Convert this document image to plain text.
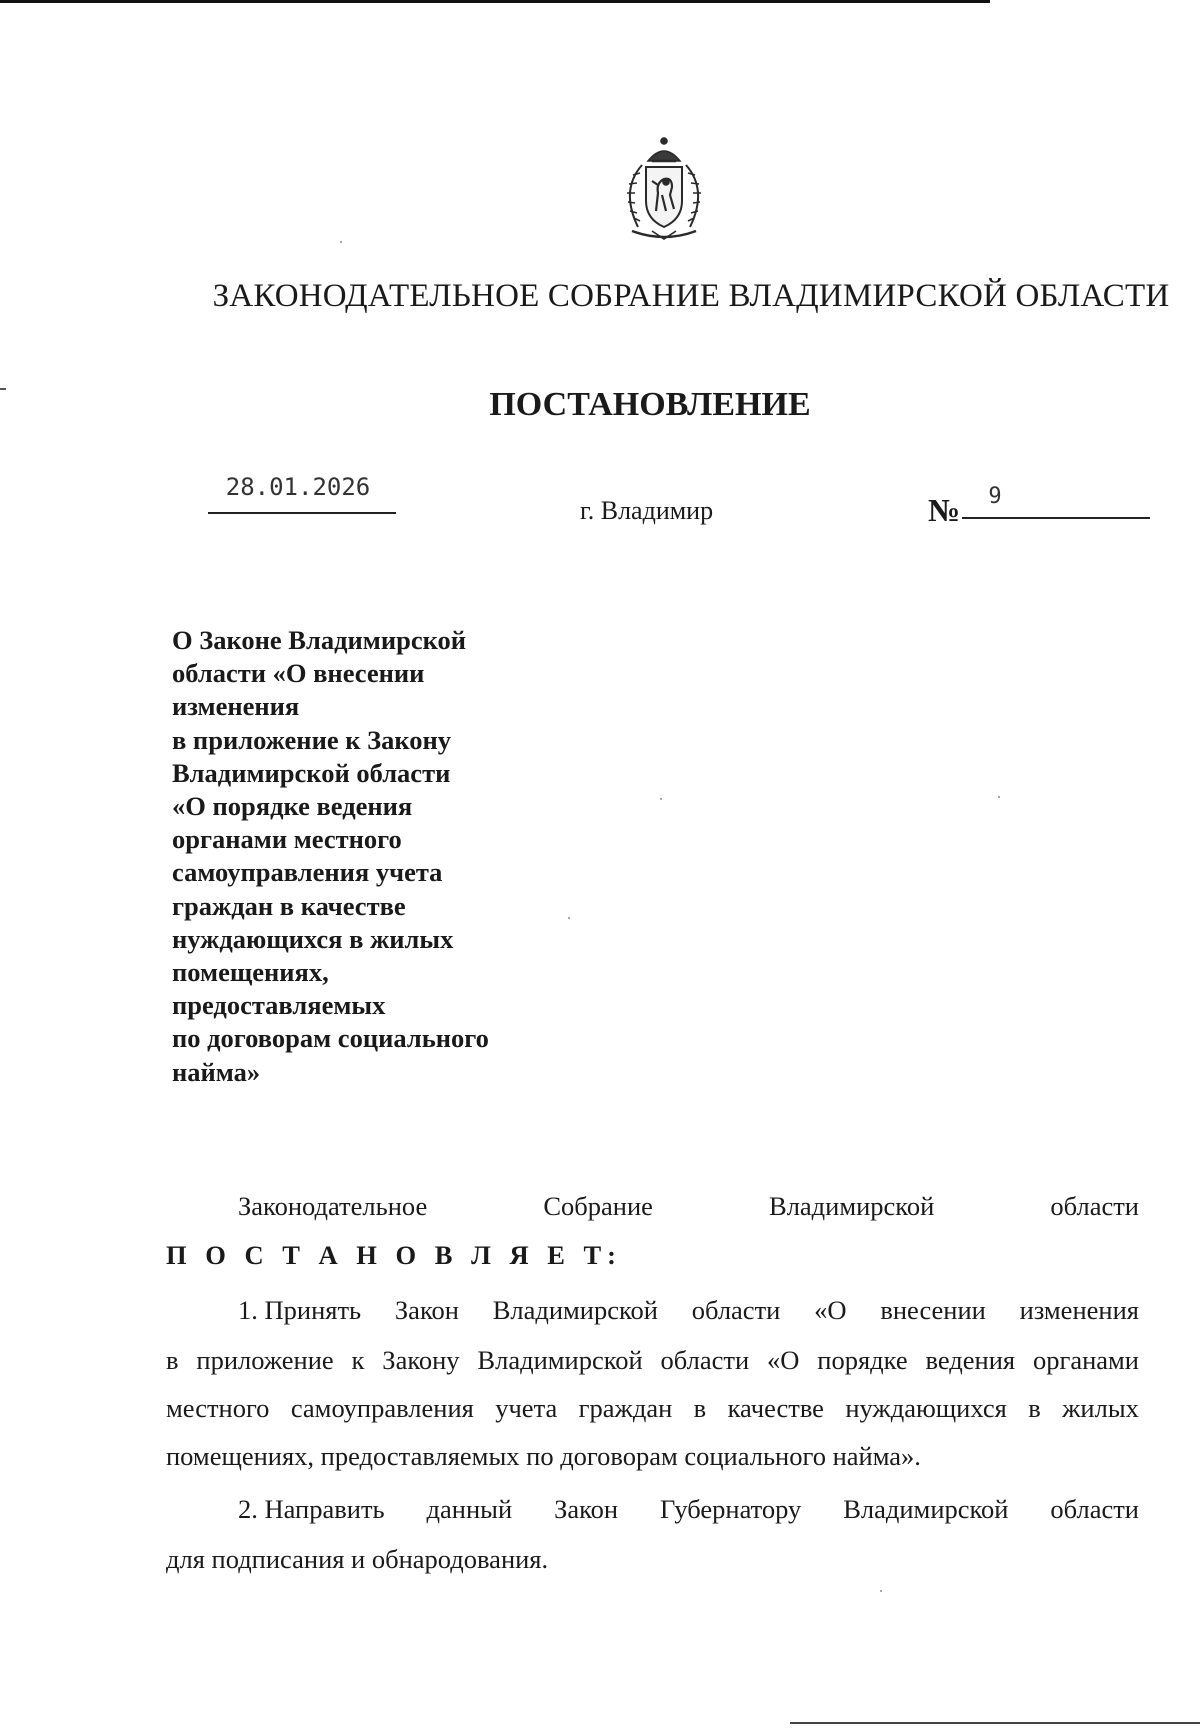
ЗАКОНОДАТЕЛЬНОЕ СОБРАНИЕ ВЛАДИМИРСКОЙ ОБЛАСТИ
ПОСТАНОВЛЕНИЕ
28.01.2026
г. Владимир	№	9
О Законе Владимирской
области «О внесении
изменения
в приложение к Закону
Владимирской области
«О порядке ведения
органами местного
самоуправления учета
граждан в качестве
нуждающихся в жилых
помещениях,
предоставляемых
по договорам социального
найма»
Законодательное	Собрание	Владимирской	области
П О С Т А Н О В Л Я Е Т:
1. Принять Закон Владимирской области «О внесении изменения
в приложение к Закону Владимирской области «О порядке ведения органами
местного самоуправления учета граждан в качестве нуждающихся в жилых
помещениях, предоставляемых по договорам социального найма».
2. Направить данный Закон Губернатору Владимирской области
для подписания и обнародования.
